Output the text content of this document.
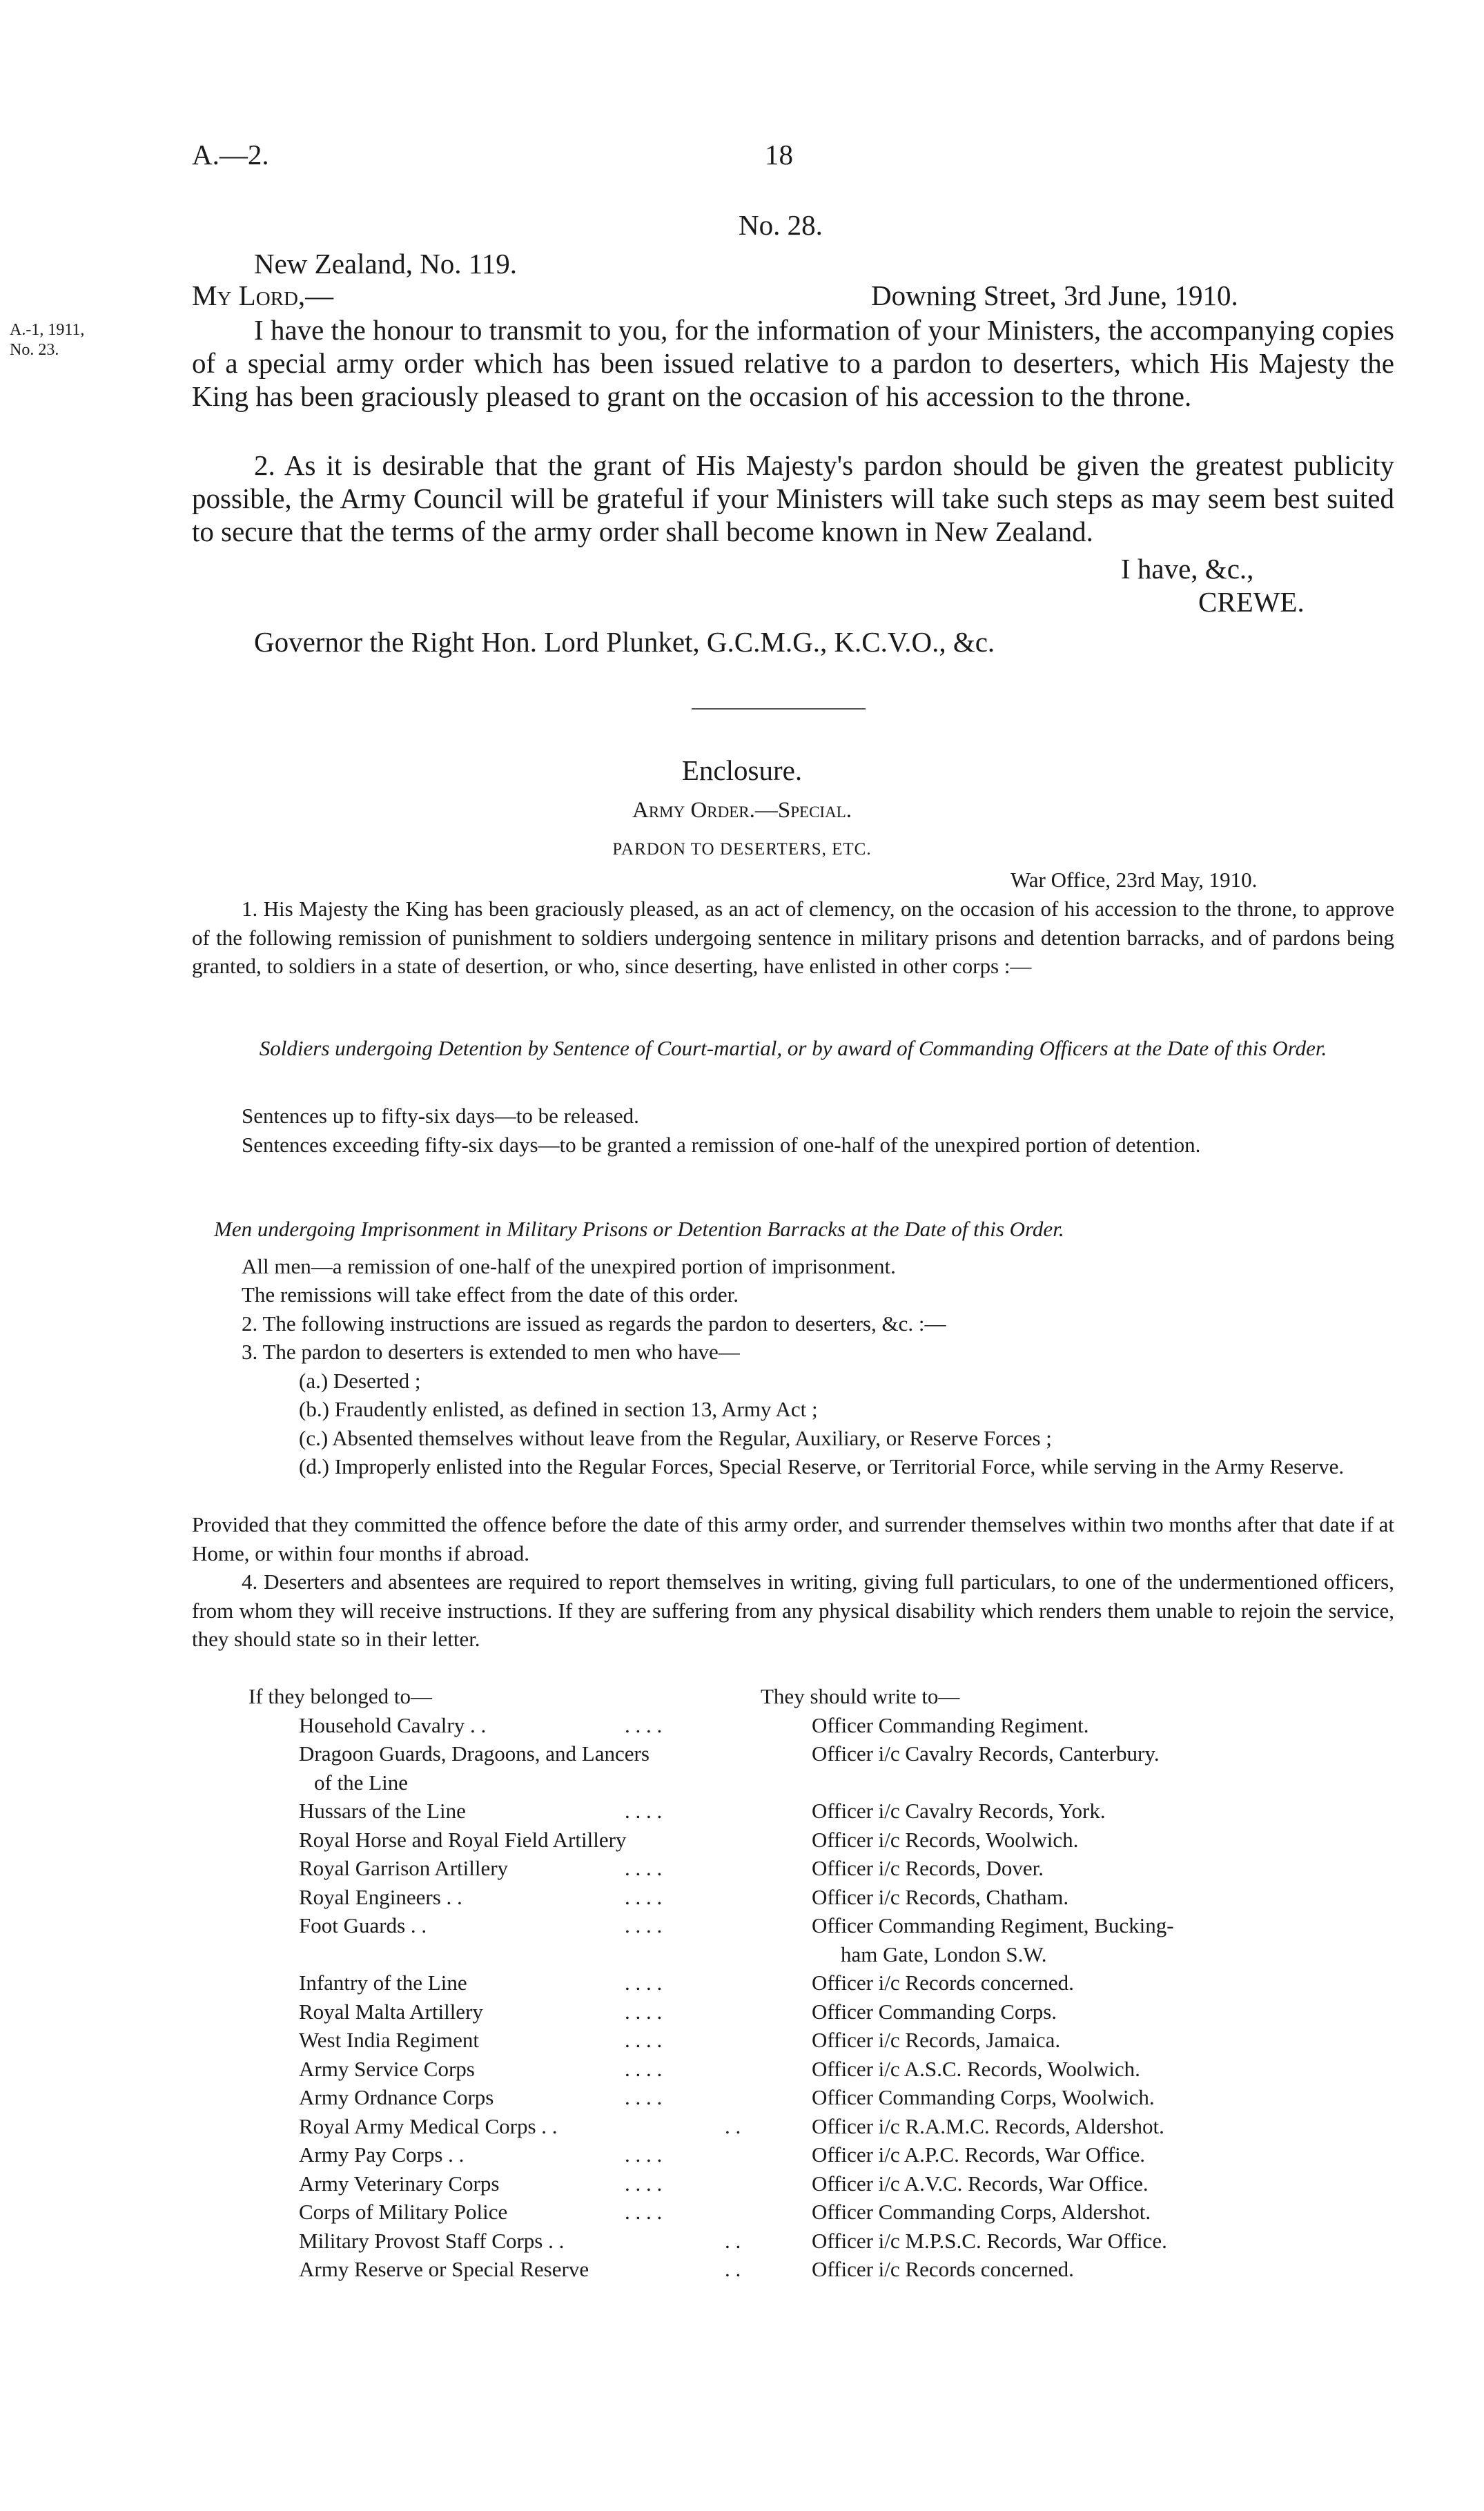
A.—2.	18
No. 28.
New Zealand, No. 119.
My Lord,—	Downing Street, 3rd June, 1910.
A.-1, 1911,
No. 23.

I have the honour to transmit to you, for the information of your Ministers, the accompanying copies of a special army order which has been issued relative to a pardon to deserters, which His Majesty the King has been graciously pleased to grant on the occasion of his accession to the throne.

2. As it is desirable that the grant of His Majesty's pardon should be given the greatest publicity possible, the Army Council will be grateful if your Ministers will take such steps as may seem best suited to secure that the terms of the army order shall become known in New Zealand.

I have, &c.,
CREWE.
Governor the Right Hon. Lord Plunket, G.C.M.G., K.C.V.O., &c.
Enclosure.
Army Order.—Special.
PARDON TO DESERTERS, ETC.
War Office, 23rd May, 1910.

1. His Majesty the King has been graciously pleased, as an act of clemency, on the occasion of his accession to the throne, to approve of the following remission of punishment to soldiers undergoing sentence in military prisons and detention barracks, and of pardons being granted, to soldiers in a state of desertion, or who, since deserting, have enlisted in other corps :—

Soldiers undergoing Detention by Sentence of Court-martial, or by award of Commanding Officers at the Date of this Order.

Sentences up to fifty-six days—to be released.

Sentences exceeding fifty-six days—to be granted a remission of one-half of the unexpired portion of detention.

Men undergoing Imprisonment in Military Prisons or Detention Barracks at the Date of this Order.

All men—a remission of one-half of the unexpired portion of imprisonment.

The remissions will take effect from the date of this order.

2. The following instructions are issued as regards the pardon to deserters, &c. :—

3. The pardon to deserters is extended to men who have—

(a.) Deserted ;

(b.) Fraudently enlisted, as defined in section 13, Army Act ;

(c.) Absented themselves without leave from the Regular, Auxiliary, or Reserve Forces ;

(d.) Improperly enlisted into the Regular Forces, Special Reserve, or Territorial Force, while serving in the Army Reserve.

Provided that they committed the offence before the date of this army order, and surrender themselves within two months after that date if at Home, or within four months if abroad.

4. Deserters and absentees are required to report themselves in writing, giving full particulars, to one of the undermentioned officers, from whom they will receive instructions. If they are suffering from any physical disability which renders them unable to rejoin the service, they should state so in their letter.

If they belonged to—	They should write to—
Household Cavalry . .	. . . .	Officer Commanding Regiment.
Dragoon Guards, Dragoons, and Lancers	Officer i/c Cavalry Records, Canterbury.
of the Line
Hussars of the Line	. . . .	Officer i/c Cavalry Records, York.
Royal Horse and Royal Field Artillery	Officer i/c Records, Woolwich.
Royal Garrison Artillery	. . . .	Officer i/c Records, Dover.
Royal Engineers . .	. . . .	Officer i/c Records, Chatham.
Foot Guards . .	. . . .	Officer Commanding Regiment, Bucking-
ham Gate, London S.W.
Infantry of the Line	. . . .	Officer i/c Records concerned.
Royal Malta Artillery	. . . .	Officer Commanding Corps.
West India Regiment	. . . .	Officer i/c Records, Jamaica.
Army Service Corps	. . . .	Officer i/c A.S.C. Records, Woolwich.
Army Ordnance Corps	. . . .	Officer Commanding Corps, Woolwich.
Royal Army Medical Corps . .	. .	Officer i/c R.A.M.C. Records, Aldershot.
Army Pay Corps . .	. . . .	Officer i/c A.P.C. Records, War Office.
Army Veterinary Corps	. . . .	Officer i/c A.V.C. Records, War Office.
Corps of Military Police	. . . .	Officer Commanding Corps, Aldershot.
Military Provost Staff Corps . .	. .	Officer i/c M.P.S.C. Records, War Office.
Army Reserve or Special Reserve	. .	Officer i/c Records concerned.
